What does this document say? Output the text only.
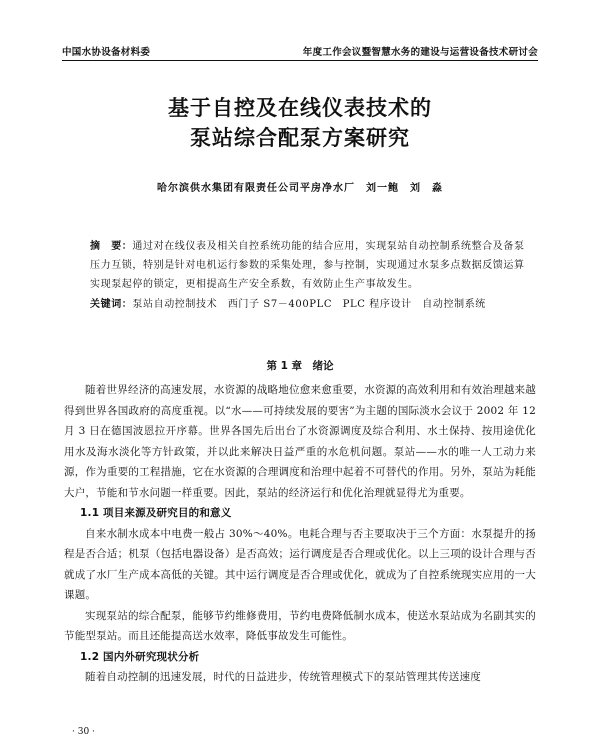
中国水协设备材料委	年度工作会议暨智慧水务的建设与运营设备技术研讨会
基于自控及在线仪表技术的
泵站综合配泵方案研究
哈尔滨供水集团有限责任公司平房净水厂　刘一鲍　刘　淼

摘　要：通过对在线仪表及相关自控系统功能的结合应用，实现泵站自动控制系统整合及备泵压力互锁，特别是针对电机运行参数的采集处理，参与控制，实现通过水泵多点数据反馈运算实现泵起停的锁定，更相提高生产安全系数，有效防止生产事故发生。

关键词：泵站自动控制技术　西门子 S7－400PLC　PLC 程序设计　自动控制系统

第 1 章　绪论

随着世界经济的高速发展，水资源的战略地位愈来愈重要，水资源的高效利用和有效治理越来越得到世界各国政府的高度重视。以“水——可持续发展的要害”为主题的国际淡水会议于 2002 年 12 月 3 日在德国波恩拉开序幕。世界各国先后出台了水资源调度及综合利用、水土保持、按用途优化用水及海水淡化等方针政策，并以此来解决日益严重的水危机问题。泵站——水的唯一人工动力来源，作为重要的工程措施，它在水资源的合理调度和治理中起着不可替代的作用。另外，泵站为耗能大户，节能和节水问题一样重要。因此，泵站的经济运行和优化治理就显得尤为重要。

1.1 项目来源及研究目的和意义

自来水制水成本中电费一般占 30%～40%。电耗合理与否主要取决于三个方面：水泵提升的扬程是否合适；机泵（包括电器设备）是否高效；运行调度是否合理或优化。以上三项的设计合理与否就成了水厂生产成本高低的关键。其中运行调度是否合理或优化，就成为了自控系统现实应用的一大课题。

实现泵站的综合配泵，能够节约维修费用，节约电费降低制水成本，使送水泵站成为名副其实的节能型泵站。而且还能提高送水效率，降低事故发生可能性。

1.2 国内外研究现状分析

随着自动控制的迅速发展，时代的日益进步，传统管理模式下的泵站管理其传送速度

· 30 ·
